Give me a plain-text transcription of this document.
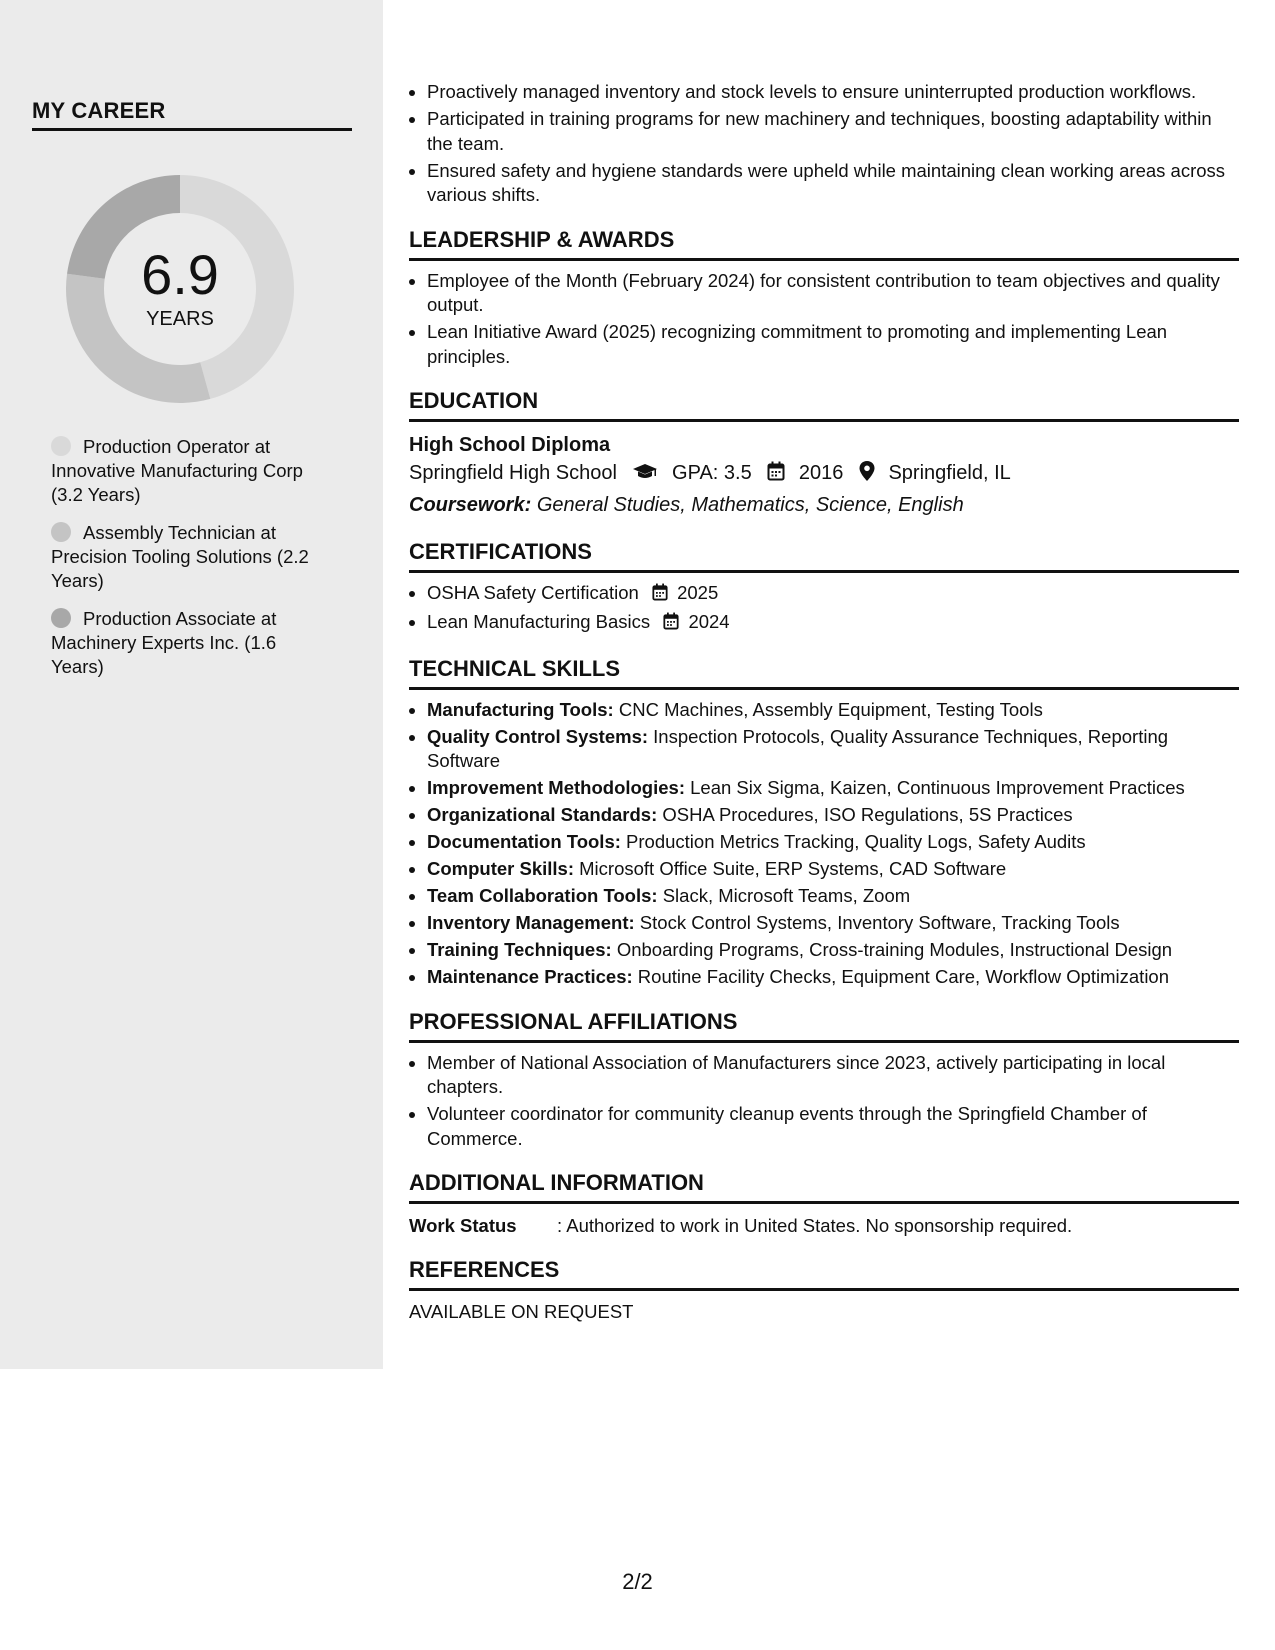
MY CAREER
6.9
YEARS
Production Operator at Innovative Manufacturing Corp (3.2 Years)
Assembly Technician at Precision Tooling Solutions (2.2 Years)
Production Associate at Machinery Experts Inc. (1.6 Years)
• Proactively managed inventory and stock levels to ensure uninterrupted production workflows.
• Participated in training programs for new machinery and techniques, boosting adaptability within the team.
• Ensured safety and hygiene standards were upheld while maintaining clean working areas across various shifts.
LEADERSHIP & AWARDS
• Employee of the Month (February 2024) for consistent contribution to team objectives and quality output.
• Lean Initiative Award (2025) recognizing commitment to promoting and implementing Lean principles.
EDUCATION
High School Diploma
Springfield High School	GPA: 3.5 2016 Springfield, IL
Coursework: General Studies, Mathematics, Science, English
CERTIFICATIONS
• OSHA Safety Certification 2025
• Lean Manufacturing Basics 2024
TECHNICAL SKILLS
• Manufacturing Tools: CNC Machines, Assembly Equipment, Testing Tools
• Quality Control Systems: Inspection Protocols, Quality Assurance Techniques, Reporting Software
• Improvement Methodologies: Lean Six Sigma, Kaizen, Continuous Improvement Practices
• Organizational Standards: OSHA Procedures, ISO Regulations, 5S Practices
• Documentation Tools: Production Metrics Tracking, Quality Logs, Safety Audits
• Computer Skills: Microsoft Office Suite, ERP Systems, CAD Software
• Team Collaboration Tools: Slack, Microsoft Teams, Zoom
• Inventory Management: Stock Control Systems, Inventory Software, Tracking Tools
• Training Techniques: Onboarding Programs, Cross-training Modules, Instructional Design
• Maintenance Practices: Routine Facility Checks, Equipment Care, Workflow Optimization
PROFESSIONAL AFFILIATIONS
• Member of National Association of Manufacturers since 2023, actively participating in local chapters.
• Volunteer coordinator for community cleanup events through the Springfield Chamber of Commerce.
ADDITIONAL INFORMATION
Work Status : Authorized to work in United States. No sponsorship required.
REFERENCES
AVAILABLE ON REQUEST
2/2
